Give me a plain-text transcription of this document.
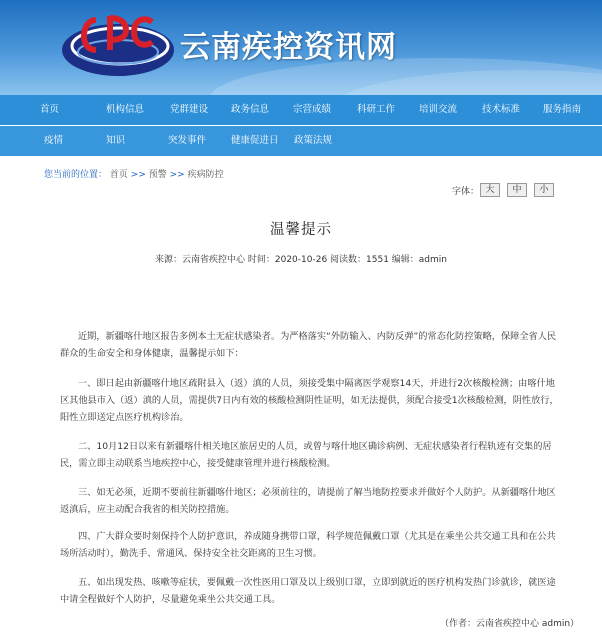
CDC
云南疾控资讯网
首页	机构信息	党群建设 政务信息	宗营成绩	科研工作	培训交流	技术标准 服务指南
疫情	知识	突发事件	健康促进日 政策法规
您当前的位置： 首页 >> 预警 >> 疾病防控
字体： 大	中	小
温馨提示
来源：云南省疾控中心 时间：2020-10-26 阅读数：1551 编辑：admin

近期，新疆喀什地区报告多例本土无症状感染者。为严格落实“外防输入、内防反弹”的常态化防控策略，保障全省人民群众的生命安全和身体健康，温馨提示如下：

一、即日起由新疆喀什地区疏附县入（返）滇的人员，须接受集中隔离医学观察14天，并进行2次核酸检测；由喀什地区其他县市入（返）滇的人员，需提供7日内有效的核酸检测阴性证明，如无法提供，须配合接受1次核酸检测，阴性放行，阳性立即送定点医疗机构诊治。

二、10月12日以来有新疆喀什相关地区旅居史的人员，或曾与喀什地区确诊病例、无症状感染者行程轨迹有交集的居民，需立即主动联系当地疾控中心，接受健康管理并进行核酸检测。

三、如无必须，近期不要前往新疆喀什地区；必须前往的，请提前了解当地防控要求并做好个人防护。从新疆喀什地区返滇后，应主动配合我省的相关防控措施。

四、广大群众要时刻保持个人防护意识，养成随身携带口罩，科学规范佩戴口罩（尤其是在乘坐公共交通工具和在公共场所活动时），勤洗手、常通风、保持安全社交距离的卫生习惯。

五、如出现发热、咳嗽等症状，要佩戴一次性医用口罩及以上级别口罩，立即到就近的医疗机构发热门诊就诊，就医途中请全程做好个人防护，尽量避免乘坐公共交通工具。

（作者：云南省疾控中心 admin）
